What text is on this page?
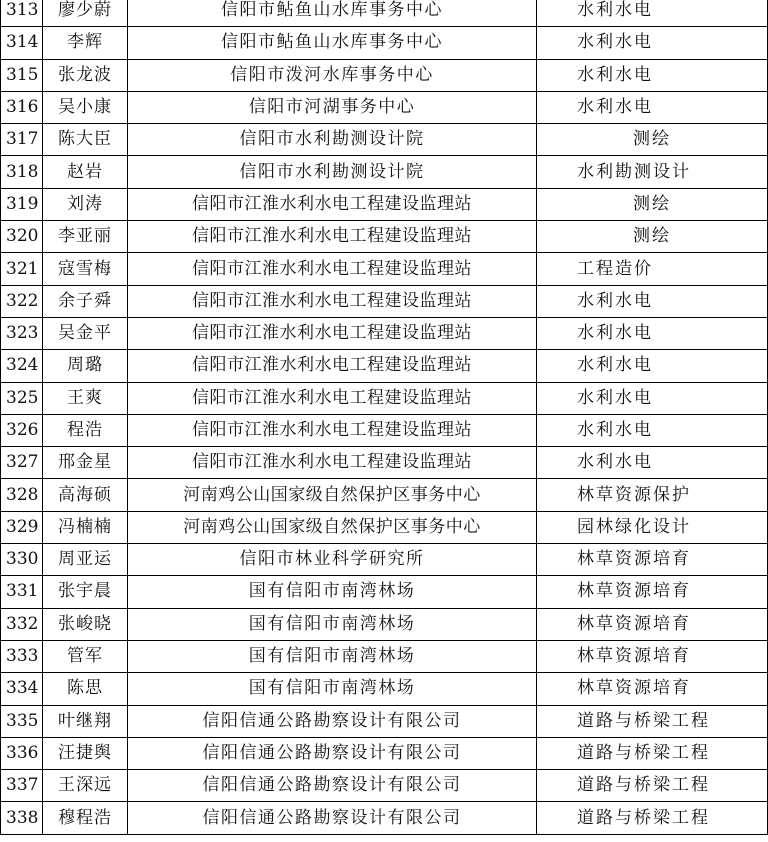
313	廖少蔚	信阳市鲇鱼山水库事务中心	水利水电
314	李辉	信阳市鲇鱼山水库事务中心	水利水电
315	张龙波	信阳市泼河水库事务中心	水利水电
316	吴小康	信阳市河湖事务中心	水利水电
317	陈大臣	信阳市水利勘测设计院	测绘
318	赵岩	信阳市水利勘测设计院	水利勘测设计
319	刘涛	信阳市江淮水利水电工程建设监理站	测绘
320	李亚丽	信阳市江淮水利水电工程建设监理站	测绘
321	寇雪梅	信阳市江淮水利水电工程建设监理站	工程造价
322	余子舜	信阳市江淮水利水电工程建设监理站	水利水电
323	吴金平	信阳市江淮水利水电工程建设监理站	水利水电
324	周璐	信阳市江淮水利水电工程建设监理站	水利水电
325	王爽	信阳市江淮水利水电工程建设监理站	水利水电
326	程浩	信阳市江淮水利水电工程建设监理站	水利水电
327	邢金星	信阳市江淮水利水电工程建设监理站	水利水电
328	高海硕	河南鸡公山国家级自然保护区事务中心	林草资源保护
329	冯楠楠	河南鸡公山国家级自然保护区事务中心	园林绿化设计
330	周亚运	信阳市林业科学研究所	林草资源培育
331	张宇晨	国有信阳市南湾林场	林草资源培育
332	张峻晓	国有信阳市南湾林场	林草资源培育
333	管军	国有信阳市南湾林场	林草资源培育
334	陈思	国有信阳市南湾林场	林草资源培育
335	叶继翔	信阳信通公路勘察设计有限公司	道路与桥梁工程
336	汪捷舆	信阳信通公路勘察设计有限公司	道路与桥梁工程
337	王深远	信阳信通公路勘察设计有限公司	道路与桥梁工程
338	穆程浩	信阳信通公路勘察设计有限公司	道路与桥梁工程
